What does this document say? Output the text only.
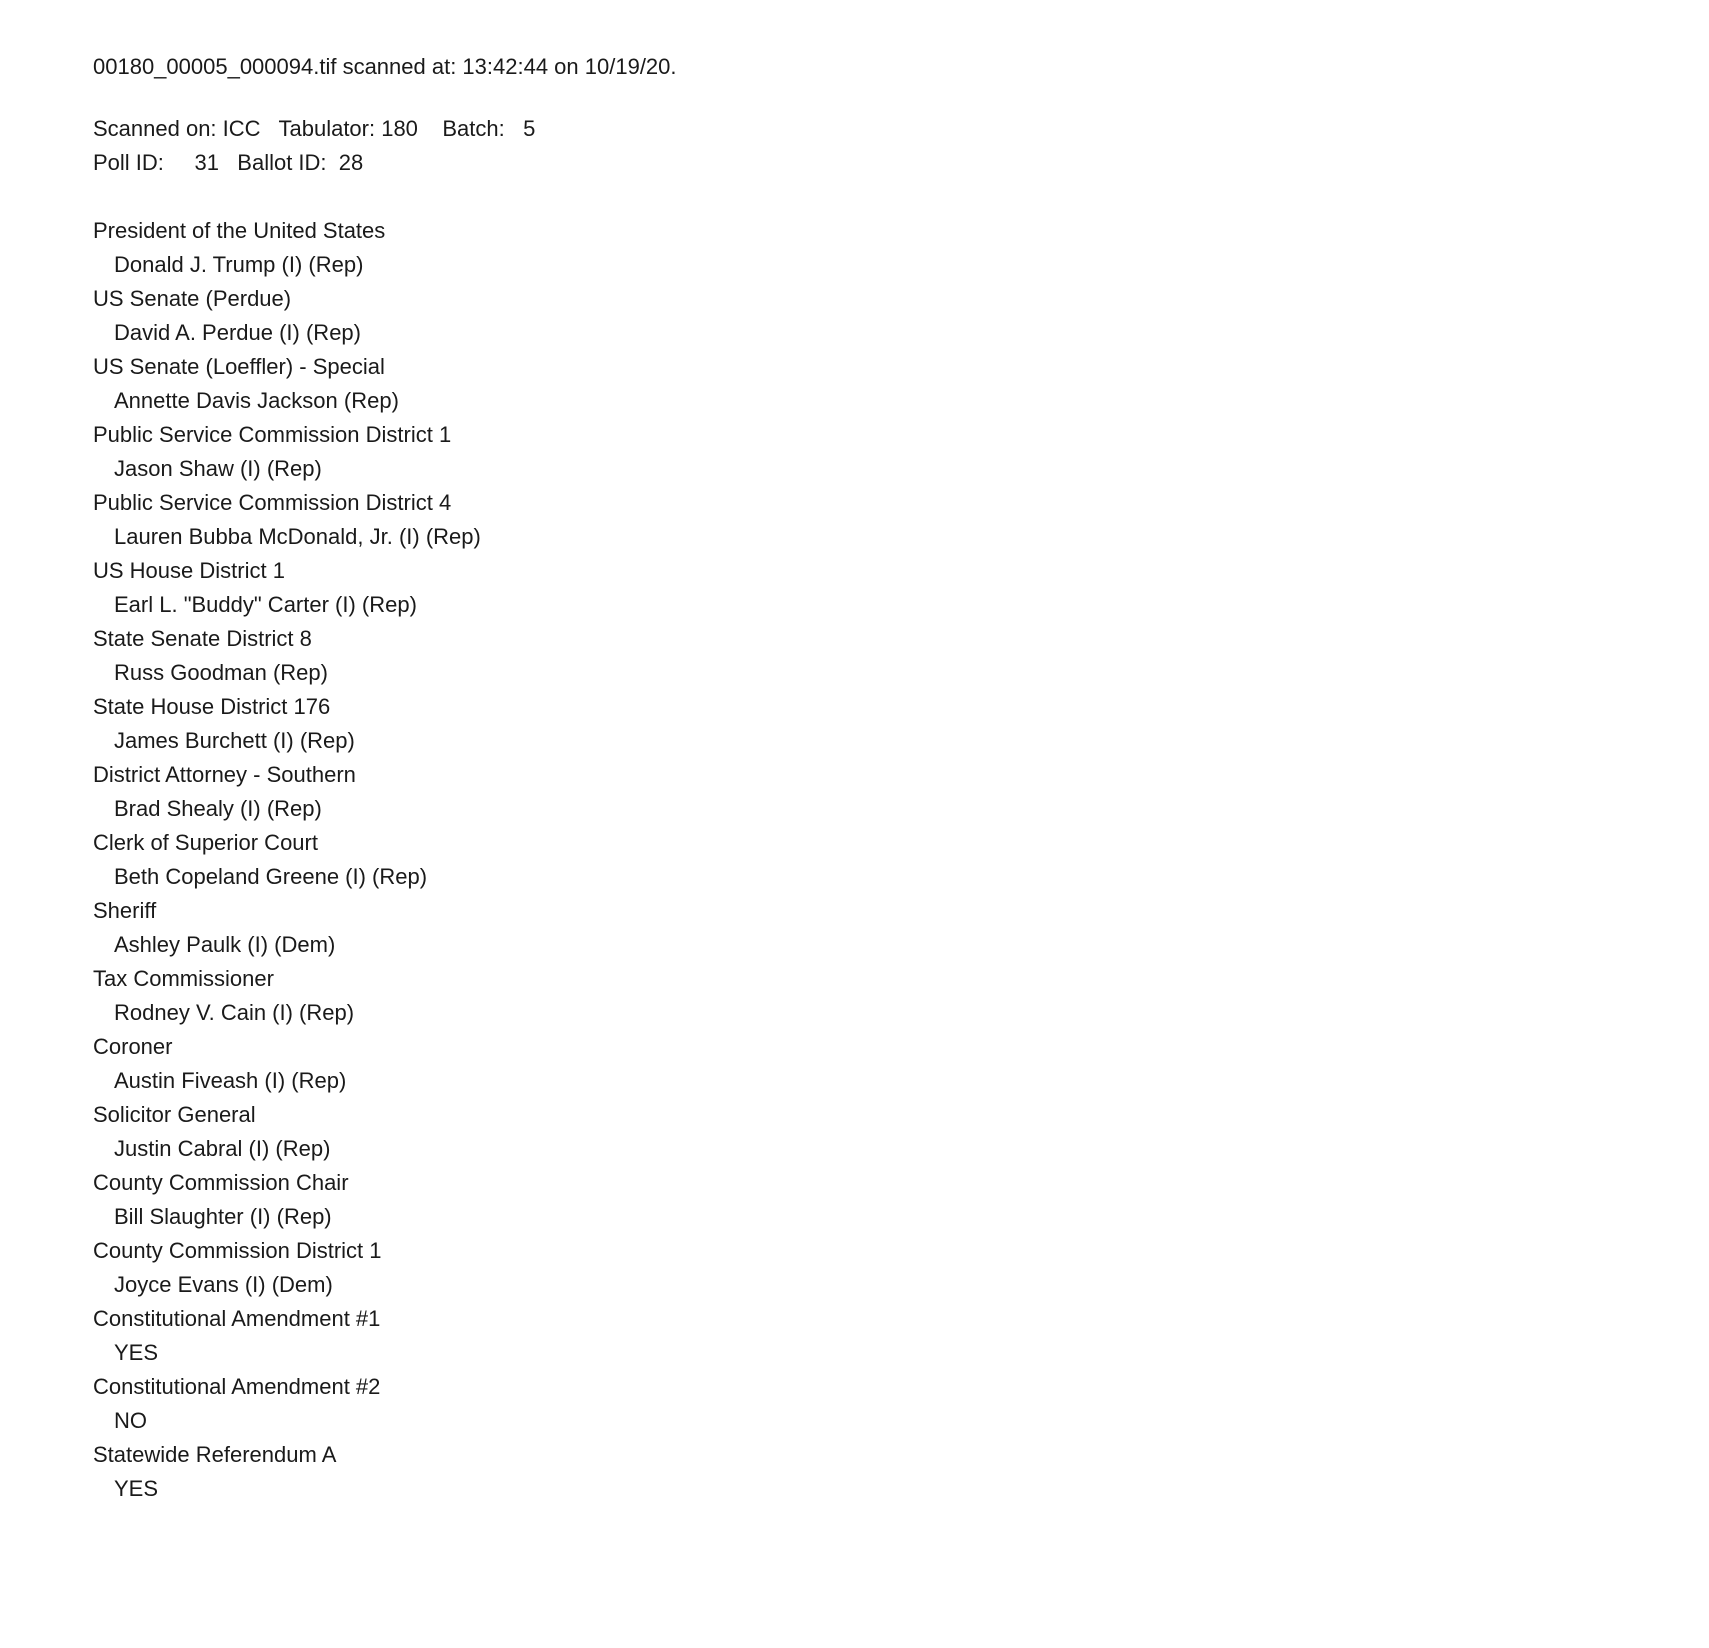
00180_00005_000094.tif scanned at: 13:42:44 on 10/19/20.
Scanned on: ICC   Tabulator: 180    Batch:   5
Poll ID:     31   Ballot ID:  28
President of the United States
Donald J. Trump (I) (Rep)
US Senate (Perdue)
David A. Perdue (I) (Rep)
US Senate (Loeffler) - Special
Annette Davis Jackson (Rep)
Public Service Commission District 1
Jason Shaw (I) (Rep)
Public Service Commission District 4
Lauren Bubba McDonald, Jr. (I) (Rep)
US House District 1
Earl L. "Buddy" Carter (I) (Rep)
State Senate District 8
Russ Goodman (Rep)
State House District 176
James Burchett (I) (Rep)
District Attorney - Southern
Brad Shealy (I) (Rep)
Clerk of Superior Court
Beth Copeland Greene (I) (Rep)
Sheriff
Ashley Paulk (I) (Dem)
Tax Commissioner
Rodney V. Cain (I) (Rep)
Coroner
Austin Fiveash (I) (Rep)
Solicitor General
Justin Cabral (I) (Rep)
County Commission Chair
Bill Slaughter (I) (Rep)
County Commission District 1
Joyce Evans (I) (Dem)
Constitutional Amendment #1
YES
Constitutional Amendment #2
NO
Statewide Referendum A
YES
